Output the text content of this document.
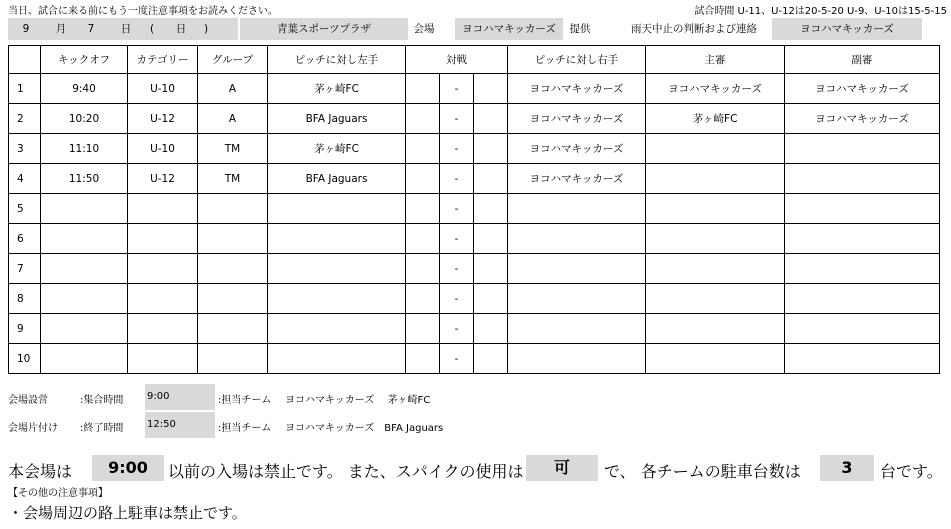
当日、試合に来る前にもう一度注意事項をお読みください。	試合時間 U-11、U-12は20-5-20 U-9、U-10は15-5-15
9	月	7	日	(	日	)	青葉スポーツプラザ	会場	ヨコハマキッカーズ	提供	雨天中止の判断および連絡	ヨコハマキッカーズ
	キックオフ	カテゴリー	グループ	ピッチに対し左手	対戦			ピッチに対し右手	主審	副審
1	9:40	U-10	A	茅ヶ崎FC		-		ヨコハマキッカーズ	ヨコハマキッカーズ	ヨコハマキッカーズ
2	10:20	U-12	A	BFA Jaguars		-		ヨコハマキッカーズ	茅ヶ崎FC	ヨコハマキッカーズ
3	11:10	U-10	TM	茅ヶ崎FC		-		ヨコハマキッカーズ		
4	11:50	U-12	TM	BFA Jaguars		-		ヨコハマキッカーズ		
5						-				
6						-				
7						-				
8						-				
9						-				
10						-				
会場設営	:集合時間 9:00	:担当チーム ヨコハマキッカーズ　 茅ヶ崎FC
会場片付け :終了時間 12:50	:担当チーム ヨコハマキッカーズ　BFA Jaguars
本会場は	9:00	以前の入場は禁止です。 また、スパイクの使用は	可	で、 各チームの駐車台数は	3	台です。
【その他の注意事項】
・会場周辺の路上駐車は禁止です。
